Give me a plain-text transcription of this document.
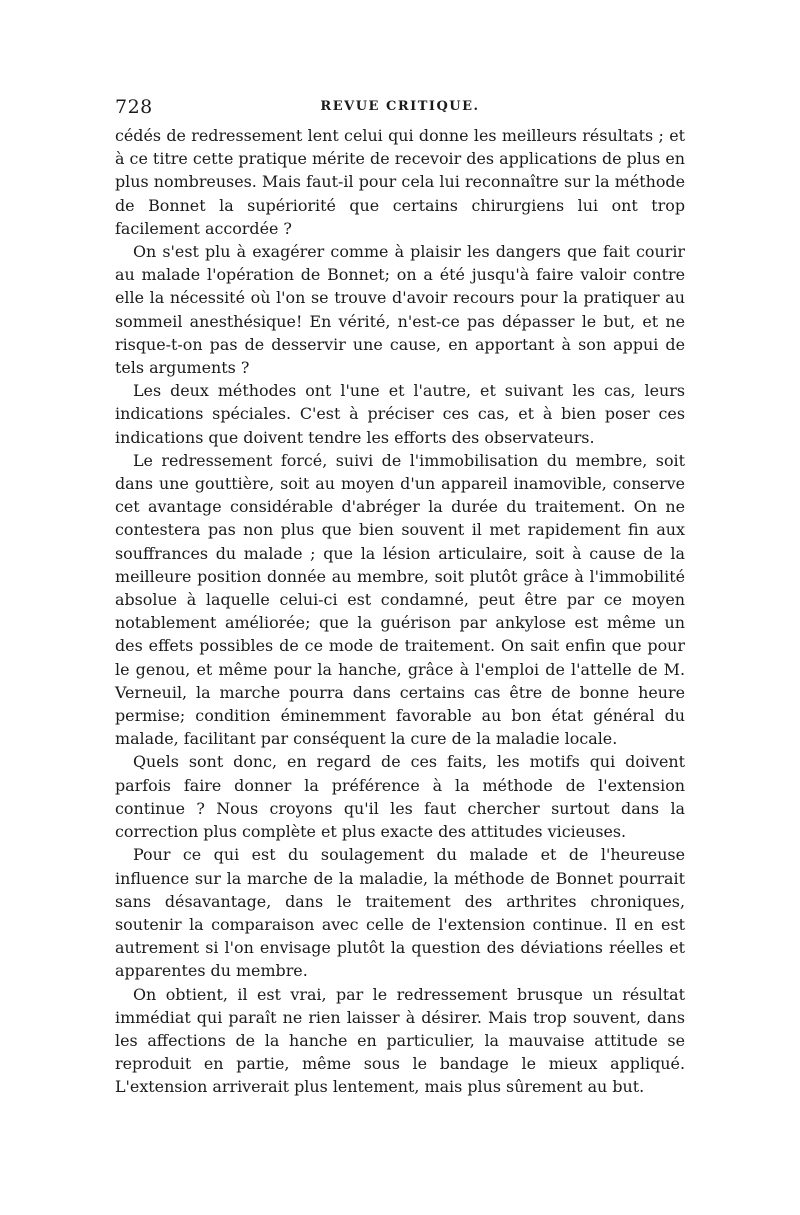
728	REVUE CRITIQUE.

cédés de redressement lent celui qui donne les meilleurs résultats ; et à ce titre cette pratique mérite de recevoir des applications de plus en plus nombreuses. Mais faut-il pour cela lui reconnaître sur la méthode de Bonnet la supériorité que certains chirurgiens lui ont trop facilement accordée ?

On s'est plu à exagérer comme à plaisir les dangers que fait courir au malade l'opération de Bonnet; on a été jusqu'à faire valoir contre elle la nécessité où l'on se trouve d'avoir recours pour la pratiquer au sommeil anesthésique! En vérité, n'est-ce pas dépasser le but, et ne risque-t-on pas de desservir une cause, en apportant à son appui de tels arguments ?

Les deux méthodes ont l'une et l'autre, et suivant les cas, leurs indications spéciales. C'est à préciser ces cas, et à bien poser ces indications que doivent tendre les efforts des observateurs.

Le redressement forcé, suivi de l'immobilisation du membre, soit dans une gouttière, soit au moyen d'un appareil inamovible, conserve cet avantage considérable d'abréger la durée du traitement. On ne contestera pas non plus que bien souvent il met rapidement fin aux souffrances du malade ; que la lésion articulaire, soit à cause de la meilleure position donnée au membre, soit plutôt grâce à l'immobilité absolue à laquelle celui-ci est condamné, peut être par ce moyen notablement améliorée; que la guérison par ankylose est même un des effets possibles de ce mode de traitement. On sait enfin que pour le genou, et même pour la hanche, grâce à l'emploi de l'attelle de M. Verneuil, la marche pourra dans certains cas être de bonne heure permise; condition éminemment favorable au bon état général du malade, facilitant par conséquent la cure de la maladie locale.

Quels sont donc, en regard de ces faits, les motifs qui doivent parfois faire donner la préférence à la méthode de l'extension continue ? Nous croyons qu'il les faut chercher surtout dans la correction plus complète et plus exacte des attitudes vicieuses.

Pour ce qui est du soulagement du malade et de l'heureuse influence sur la marche de la maladie, la méthode de Bonnet pourrait sans désavantage, dans le traitement des arthrites chroniques, soutenir la comparaison avec celle de l'extension continue. Il en est autrement si l'on envisage plutôt la question des déviations réelles et apparentes du membre.

On obtient, il est vrai, par le redressement brusque un résultat immédiat qui paraît ne rien laisser à désirer. Mais trop souvent, dans les affections de la hanche en particulier, la mauvaise attitude se reproduit en partie, même sous le bandage le mieux appliqué. L'extension arriverait plus lentement, mais plus sûrement au but.
